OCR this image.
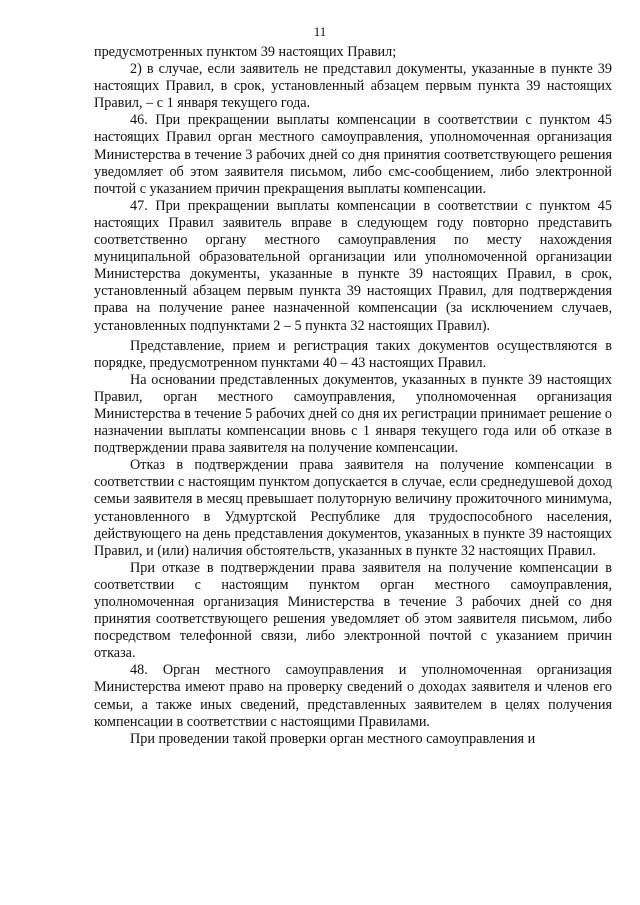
11

предусмотренных пунктом 39 настоящих Правил;

2) в случае, если заявитель не представил документы, указанные в пункте 39 настоящих Правил, в срок, установленный абзацем первым пункта 39 настоящих Правил, – с 1 января текущего года.

46. При прекращении выплаты компенсации в соответствии с пунктом 45 настоящих Правил орган местного самоуправления, уполномоченная организация Министерства в течение 3 рабочих дней со дня принятия соответствующего решения уведомляет об этом заявителя письмом, либо смс-сообщением, либо электронной почтой с указанием причин прекращения выплаты компенсации.

47. При прекращении выплаты компенсации в соответствии с пунктом 45 настоящих Правил заявитель вправе в следующем году повторно представить соответственно органу местного самоуправления по месту нахождения муниципальной образовательной организации или уполномоченной организации Министерства документы, указанные в пункте 39 настоящих Правил, в срок, установленный абзацем первым пункта 39 настоящих Правил, для подтверждения права на получение ранее назначенной компенсации (за исключением случаев, установленных подпунктами 2 – 5 пункта 32 настоящих Правил).

Представление, прием и регистрация таких документов осуществляются в порядке, предусмотренном пунктами 40 – 43 настоящих Правил.

На основании представленных документов, указанных в пункте 39 настоящих Правил, орган местного самоуправления, уполномоченная организация Министерства в течение 5 рабочих дней со дня их регистрации принимает решение о назначении выплаты компенсации вновь с 1 января текущего года или об отказе в подтверждении права заявителя на получение компенсации.

Отказ в подтверждении права заявителя на получение компенсации в соответствии с настоящим пунктом допускается в случае, если среднедушевой доход семьи заявителя в месяц превышает полуторную величину прожиточного минимума, установленного в Удмуртской Республике для трудоспособного населения, действующего на день представления документов, указанных в пункте 39 настоящих Правил, и (или) наличия обстоятельств, указанных в пункте 32 настоящих Правил.

При отказе в подтверждении права заявителя на получение компенсации в соответствии с настоящим пунктом орган местного самоуправления, уполномоченная организация Министерства в течение 3 рабочих дней со дня принятия соответствующего решения уведомляет об этом заявителя письмом, либо посредством телефонной связи, либо электронной почтой с указанием причин отказа.

48. Орган местного самоуправления и уполномоченная организация Министерства имеют право на проверку сведений о доходах заявителя и членов его семьи, а также иных сведений, представленных заявителем в целях получения компенсации в соответствии с настоящими Правилами.

При проведении такой проверки орган местного самоуправления и
